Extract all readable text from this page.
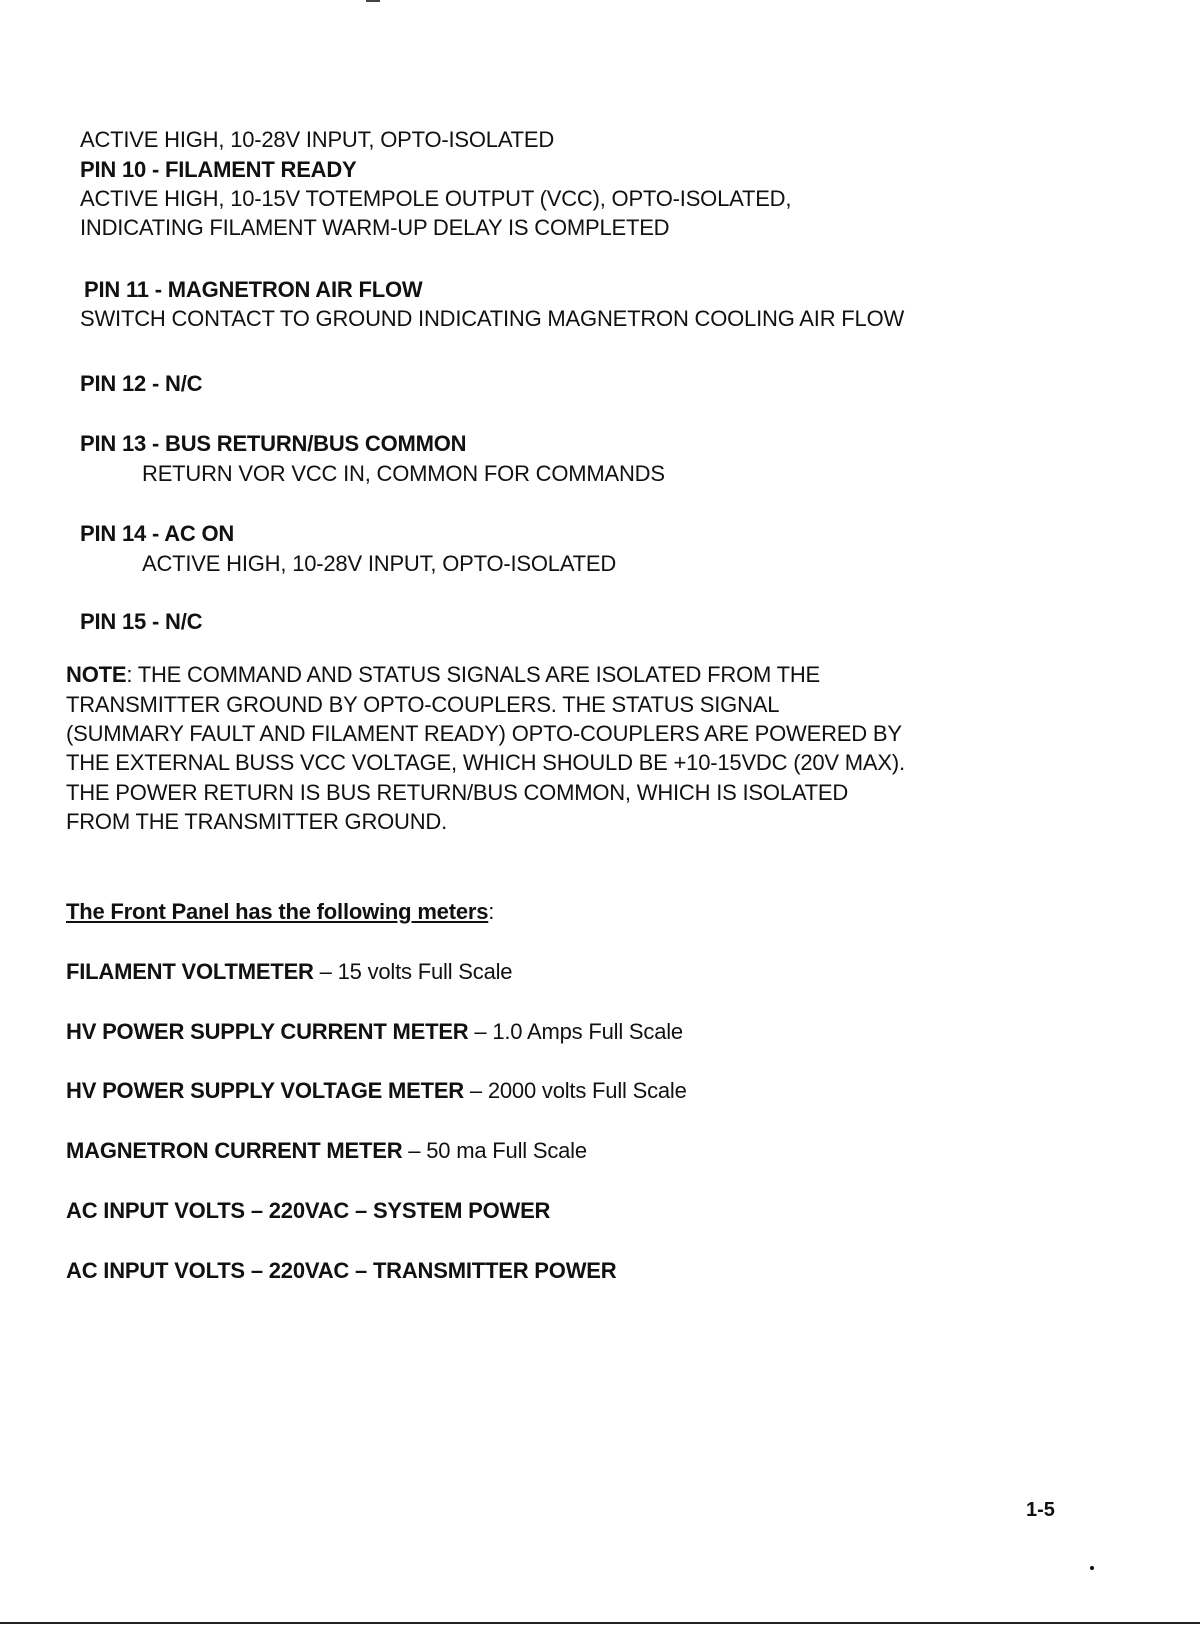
ACTIVE HIGH, 10-28V INPUT, OPTO-ISOLATED
PIN 10 - FILAMENT READY
ACTIVE HIGH, 10-15V TOTEMPOLE OUTPUT (VCC), OPTO-ISOLATED,
INDICATING FILAMENT WARM-UP DELAY IS COMPLETED
PIN 11 - MAGNETRON AIR FLOW
SWITCH CONTACT TO GROUND INDICATING MAGNETRON COOLING AIR FLOW
PIN 12 - N/C
PIN 13 - BUS RETURN/BUS COMMON
RETURN VOR VCC IN, COMMON FOR COMMANDS
PIN 14 - AC ON
ACTIVE HIGH, 10-28V INPUT, OPTO-ISOLATED
PIN 15 - N/C
NOTE: THE COMMAND AND STATUS SIGNALS ARE ISOLATED FROM THE
TRANSMITTER GROUND BY OPTO-COUPLERS. THE STATUS SIGNAL
(SUMMARY FAULT AND FILAMENT READY) OPTO-COUPLERS ARE POWERED BY
THE EXTERNAL BUSS VCC VOLTAGE, WHICH SHOULD BE +10-15VDC (20V MAX).
THE POWER RETURN IS BUS RETURN/BUS COMMON, WHICH IS ISOLATED
FROM THE TRANSMITTER GROUND.
The Front Panel has the following meters:
FILAMENT VOLTMETER – 15 volts Full Scale
HV POWER SUPPLY CURRENT METER – 1.0 Amps Full Scale
HV POWER SUPPLY VOLTAGE METER – 2000 volts Full Scale
MAGNETRON CURRENT METER – 50 ma Full Scale
AC INPUT VOLTS – 220VAC – SYSTEM POWER
AC INPUT VOLTS – 220VAC – TRANSMITTER POWER
1-5
